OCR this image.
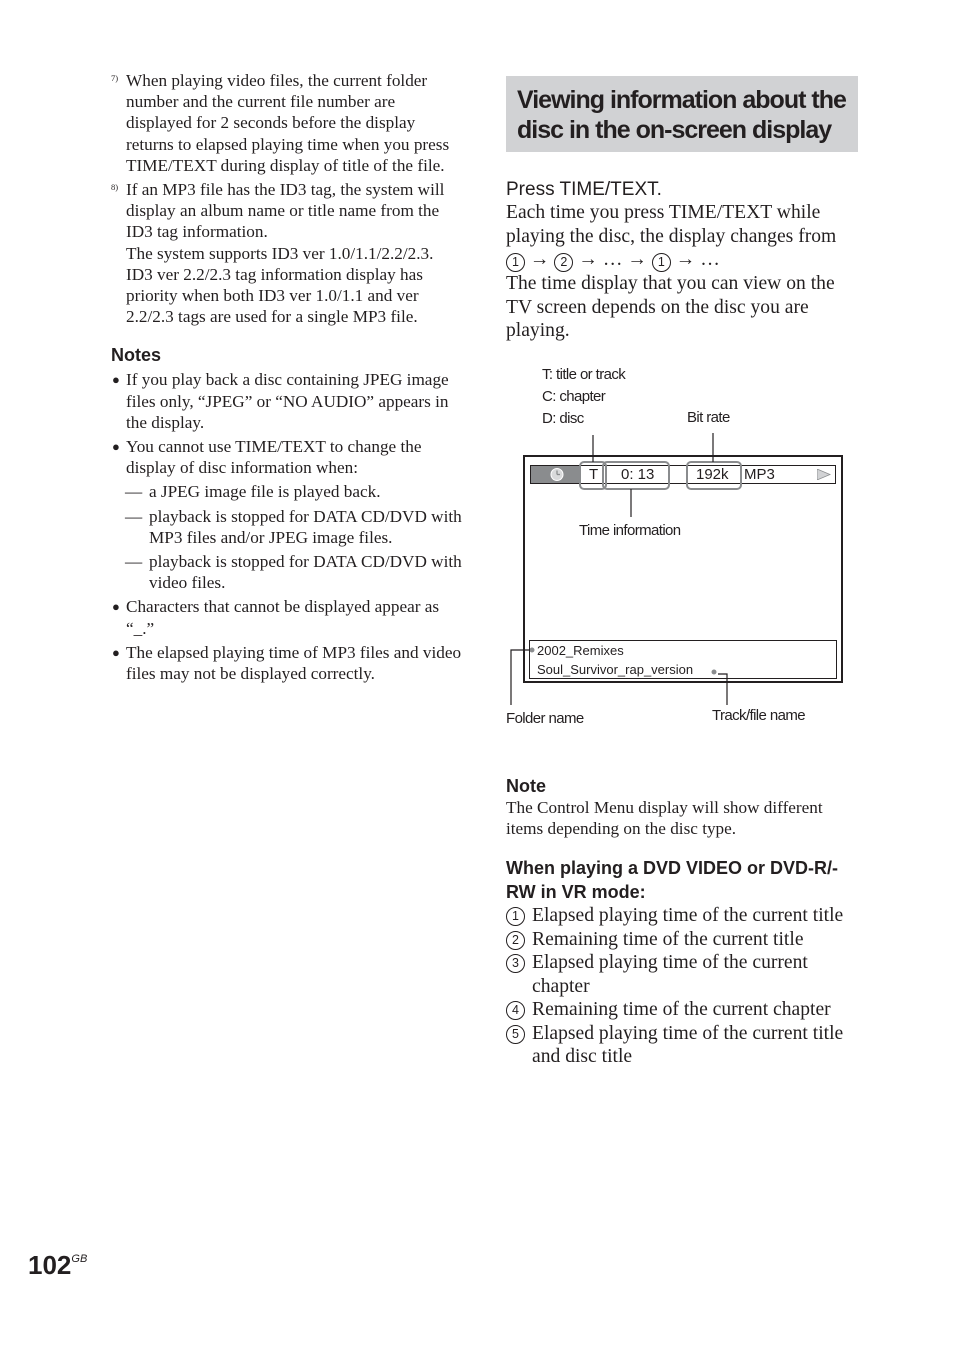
7) When playing video files, the current folder number and the current file number are displayed for 2 seconds before the display returns to elapsed playing time when you press TIME/TEXT during display of title of the file.
8) If an MP3 file has the ID3 tag, the system will display an album name or title name from the ID3 tag information.
The system supports ID3 ver 1.0/1.1/2.2/2.3. ID3 ver 2.2/2.3 tag information display has priority when both ID3 ver 1.0/1.1 and ver 2.2/2.3 tags are used for a single MP3 file.
Notes
● If you play back a disc containing JPEG image files only, “JPEG” or “NO AUDIO” appears in the display.
● You cannot use TIME/TEXT to change the display of disc information when:
— a JPEG image file is played back.
— playback is stopped for DATA CD/DVD with MP3 files and/or JPEG image files.
— playback is stopped for DATA CD/DVD with video files.
● Characters that cannot be displayed appear as “_.”
● The elapsed playing time of MP3 files and video files may not be displayed correctly.
Viewing information about the
disc in the on-screen display
Press TIME/TEXT.
Each time you press TIME/TEXT while playing the disc, the display changes from
1 → 2 → … → 1 → …
The time display that you can view on the TV screen depends on the disc you are playing.
T: title or track
C: chapter
D: disc	Bit rate
T 0: 13	192k MP3
Time information
2002_Remixes
Soul_Survivor_rap_version
Folder name	Track/file name
Note
The Control Menu display will show different items depending on the disc type.
When playing a DVD VIDEO or DVD-R/-RW in VR mode:
1 Elapsed playing time of the current title
2 Remaining time of the current title
3 Elapsed playing time of the current chapter
4 Remaining time of the current chapter
5 Elapsed playing time of the current title and disc title
$102^{GB}$
